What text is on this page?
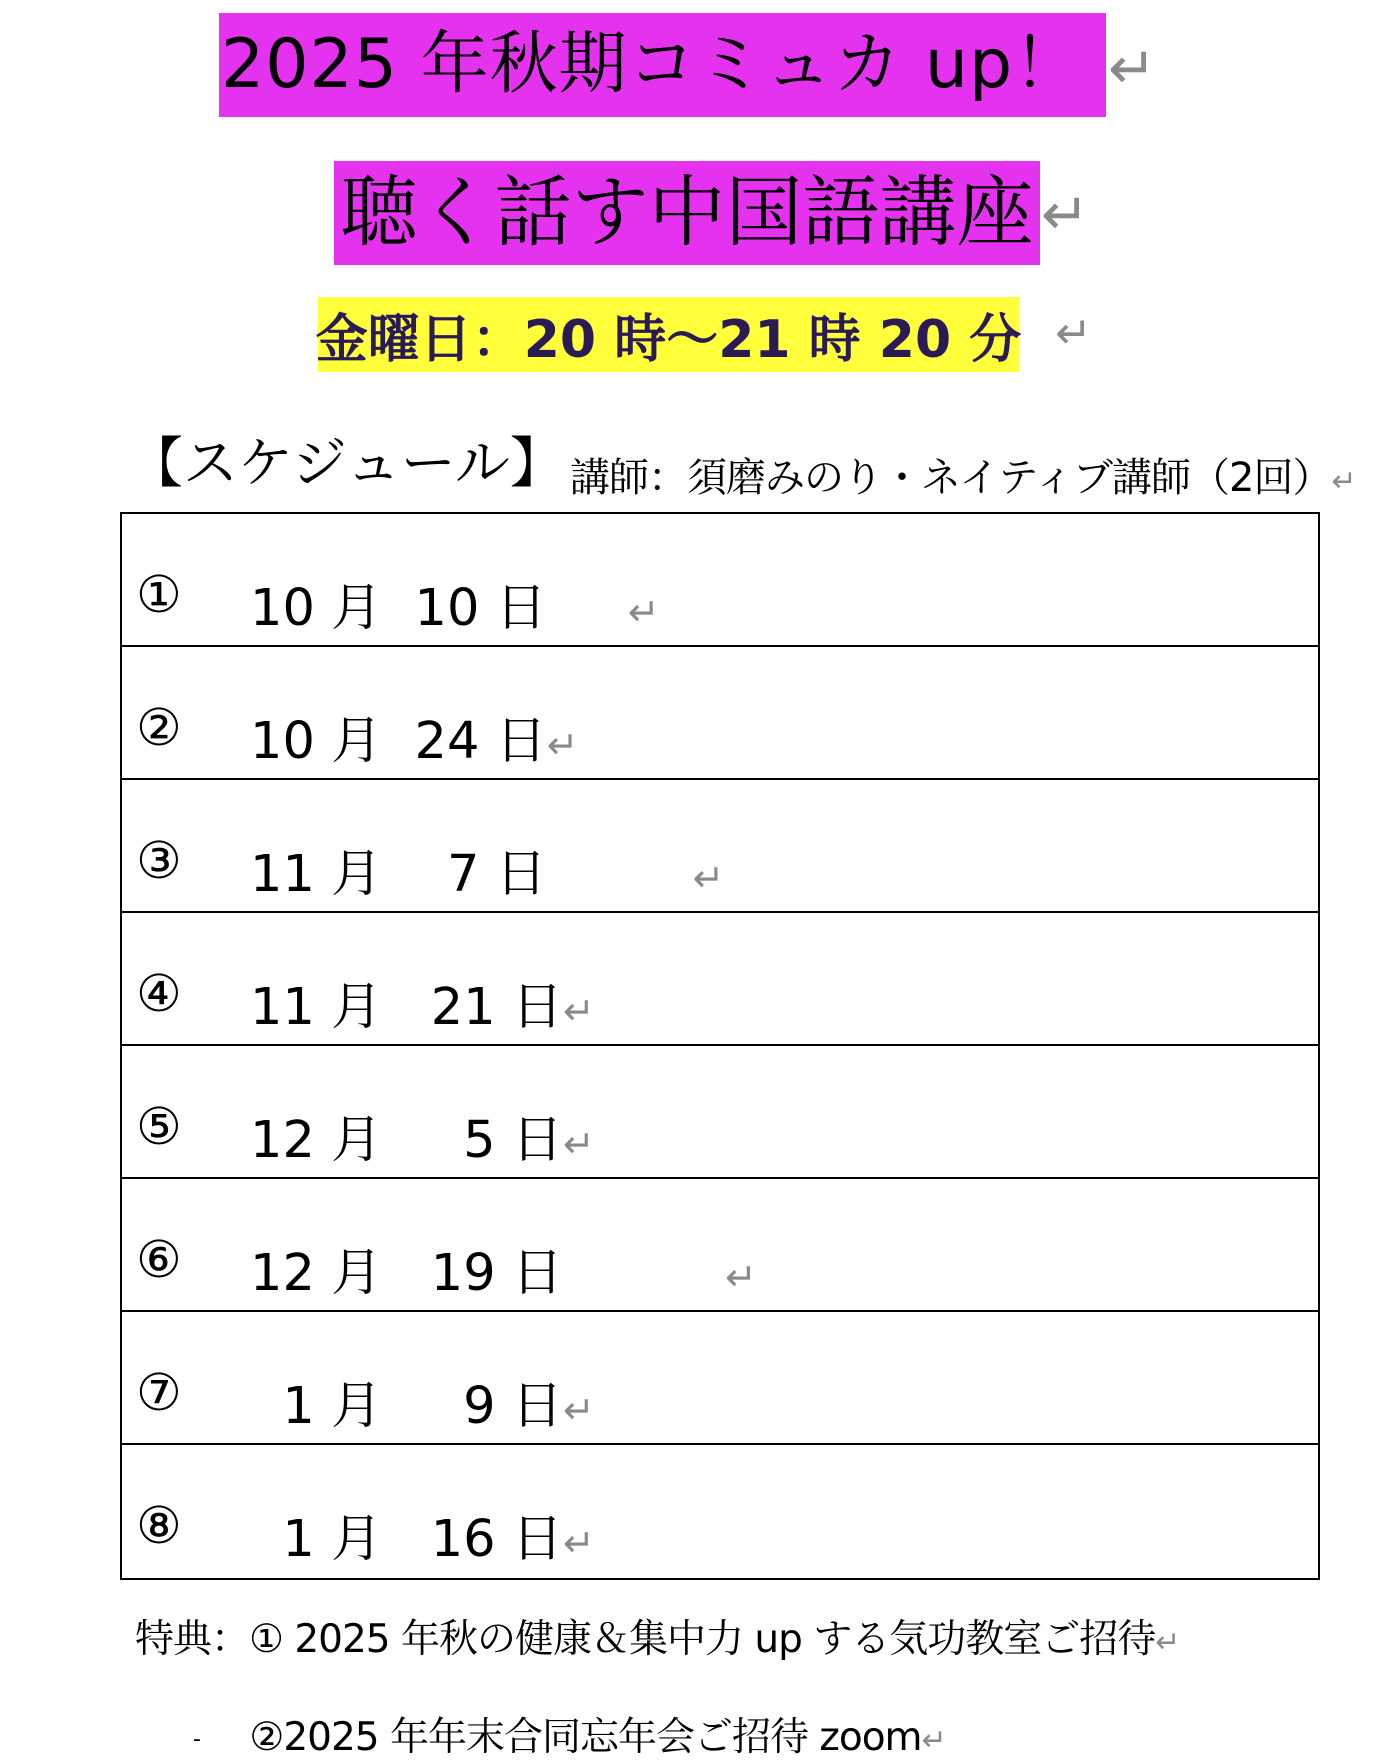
2025 年秋期コミュカ up！ ↵
聴く話す中国語講座 ↵
金曜日：20 時～21 時 20 分 ↵
【スケジュール】 講師：須磨みのり・ネイティブ講師（2回）↵
① 10 月  10 日 ↵
② 10 月  24 日↵
③ 11 月    7 日	↵
④ 11 月   21 日↵
⑤ 12 月     5 日↵
⑥ 12 月   19 日	↵
⑦ 1 月     9 日↵
⑧ 1 月   16 日↵
特典：① 2025 年秋の健康＆集中力 up する気功教室ご招待↵
- ②2025 年年末合同忘年会ご招待 zoom↵
